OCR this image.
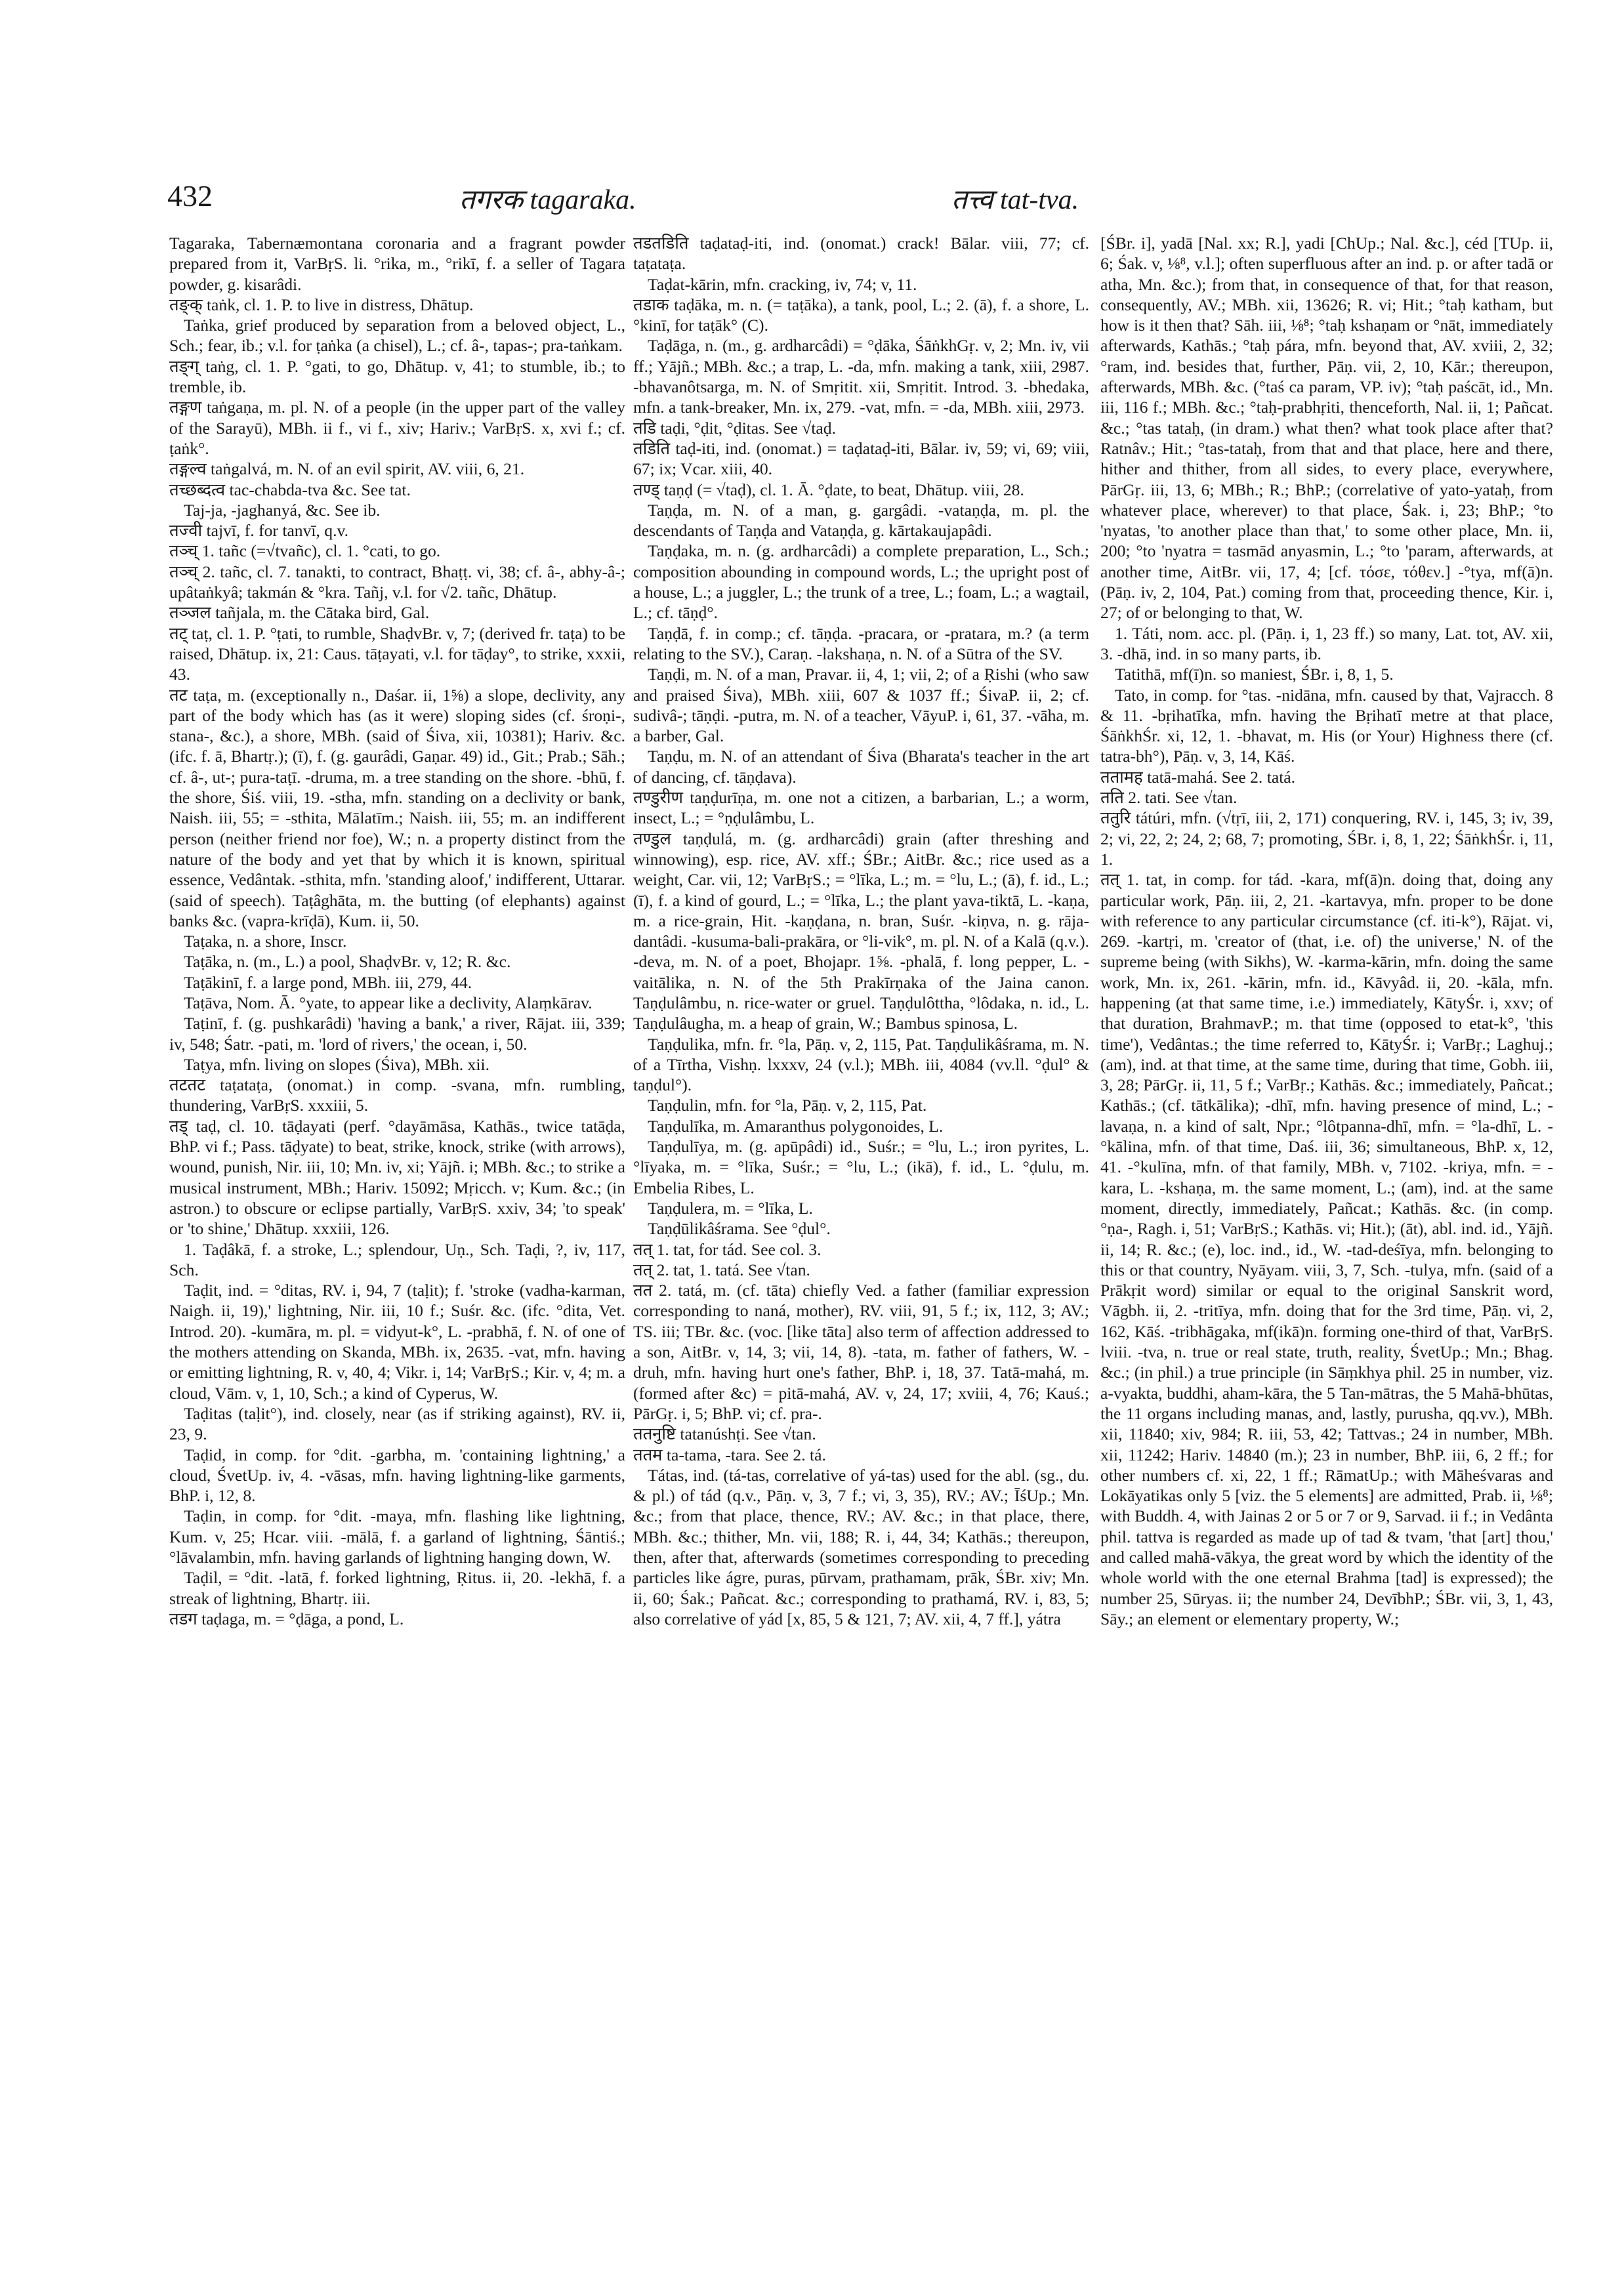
432	तगरक tagaraka.	तत्त्व tat-tva.

Tagaraka, Tabernæmontana coronaria and a fragrant powder prepared from it, VarBṛS. li. °rika, m., °rikī, f. a seller of Tagara powder, g. kisarâdi.

तङ्क् taṅk, cl. 1. P. to live in distress, Dhātup.

Taṅka, grief produced by separation from a beloved object, L., Sch.; fear, ib.; v.l. for ṭaṅka (a chisel), L.; cf. â-, tapas-; pra-taṅkam.

तङ्ग् taṅg, cl. 1. P. °gati, to go, Dhātup. v, 41; to stumble, ib.; to tremble, ib.

तङ्गण taṅgaṇa, m. pl. N. of a people (in the upper part of the valley of the Sarayū), MBh. ii f., vi f., xiv; Hariv.; VarBṛS. x, xvi f.; cf. ṭaṅk°.

तङ्गल्व taṅgalvá, m. N. of an evil spirit, AV. viii, 6, 21.

तच्छब्दत्व tac-chabda-tva &c. See tat.

Taj-ja, -jaghanyá, &c. See ib.

तज्वी tajvī, f. for tanvī, q.v.

तञ्च् 1. tañc (=√tvañc), cl. 1. °cati, to go.

तञ्च् 2. tañc, cl. 7. tanakti, to contract, Bhaṭṭ. vi, 38; cf. â-, abhy-â-; upâtaṅkyâ; takmán & °kra. Tañj, v.l. for √2. tañc, Dhātup.

तञ्जल tañjala, m. the Cātaka bird, Gal.

तट् taṭ, cl. 1. P. °ṭati, to rumble, ShaḍvBr. v, 7; (derived fr. taṭa) to be raised, Dhātup. ix, 21: Caus. tāṭayati, v.l. for tāḍay°, to strike, xxxii, 43.

तट taṭa, m. (exceptionally n., Daśar. ii, 1⅝) a slope, declivity, any part of the body which has (as it were) sloping sides (cf. śroṇi-, stana-, &c.), a shore, MBh. (said of Śiva, xii, 10381); Hariv. &c. (ifc. f. ā, Bhartṛ.); (ī), f. (g. gaurâdi, Gaṇar. 49) id., Git.; Prab.; Sāh.; cf. â-, ut-; pura-taṭī. -druma, m. a tree standing on the shore. -bhū, f. the shore, Śiś. viii, 19. -stha, mfn. standing on a declivity or bank, Naish. iii, 55; = -sthita, Mālatīm.; Naish. iii, 55; m. an indifferent person (neither friend nor foe), W.; n. a property distinct from the nature of the body and yet that by which it is known, spiritual essence, Vedântak. -sthita, mfn. 'standing aloof,' indifferent, Uttarar. (said of speech). Taṭâghāta, m. the butting (of elephants) against banks &c. (vapra-krīḍā), Kum. ii, 50.

Taṭaka, n. a shore, Inscr.

Taṭāka, n. (m., L.) a pool, ShaḍvBr. v, 12; R. &c.

Taṭākinī, f. a large pond, MBh. iii, 279, 44.

Taṭāva, Nom. Ā. °yate, to appear like a declivity, Alaṃkārav.

Taṭinī, f. (g. pushkarâdi) 'having a bank,' a river, Rājat. iii, 339; iv, 548; Śatr. -pati, m. 'lord of rivers,' the ocean, i, 50.

Taṭya, mfn. living on slopes (Śiva), MBh. xii.

तटतट taṭataṭa, (onomat.) in comp. -svana, mfn. rumbling, thundering, VarBṛS. xxxiii, 5.

तड् taḍ, cl. 10. tāḍayati (perf. °dayāmāsa, Kathās., twice tatāḍa, BhP. vi f.; Pass. tāḍyate) to beat, strike, knock, strike (with arrows), wound, punish, Nir. iii, 10; Mn. iv, xi; Yājñ. i; MBh. &c.; to strike a musical instrument, MBh.; Hariv. 15092; Mṛicch. v; Kum. &c.; (in astron.) to obscure or eclipse partially, VarBṛS. xxiv, 34; 'to speak' or 'to shine,' Dhātup. xxxiii, 126.

1. Taḍâkā, f. a stroke, L.; splendour, Uṇ., Sch. Taḍi, ?, iv, 117, Sch.

Taḍit, ind. = °ditas, RV. i, 94, 7 (taḷit); f. 'stroke (vadha-karman, Naigh. ii, 19),' lightning, Nir. iii, 10 f.; Suśr. &c. (ifc. °dita, Vet. Introd. 20). -kumāra, m. pl. = vidyut-k°, L. -prabhā, f. N. of one of the mothers attending on Skanda, MBh. ix, 2635. -vat, mfn. having or emitting lightning, R. v, 40, 4; Vikr. i, 14; VarBṛS.; Kir. v, 4; m. a cloud, Vām. v, 1, 10, Sch.; a kind of Cyperus, W.

Taḍitas (taḷit°), ind. closely, near (as if striking against), RV. ii, 23, 9.

Taḍid, in comp. for °dit. -garbha, m. 'containing lightning,' a cloud, ŚvetUp. iv, 4. -vāsas, mfn. having lightning-like garments, BhP. i, 12, 8.

Taḍin, in comp. for °dit. -maya, mfn. flashing like lightning, Kum. v, 25; Hcar. viii. -mālā, f. a garland of lightning, Śāntiś.; °lāvalambin, mfn. having garlands of lightning hanging down, W.

Taḍil, = °dit. -latā, f. forked lightning, Ṛitus. ii, 20. -lekhā, f. a streak of lightning, Bhartṛ. iii.

तडग taḍaga, m. = °ḍāga, a pond, L.

तडतडिति taḍataḍ-iti, ind. (onomat.) crack! Bālar. viii, 77; cf. taṭataṭa.

Taḍat-kārin, mfn. cracking, iv, 74; v, 11.

तडाक taḍāka, m. n. (= taṭāka), a tank, pool, L.; 2. (ā), f. a shore, L. °kinī, for taṭāk° (C).

Taḍāga, n. (m., g. ardharcâdi) = °ḍāka, ŚāṅkhGṛ. v, 2; Mn. iv, vii ff.; Yājñ.; MBh. &c.; a trap, L. -da, mfn. making a tank, xiii, 2987. -bhavanôtsarga, m. N. of Smṛitit. xii, Smṛitit. Introd. 3. -bhedaka, mfn. a tank-breaker, Mn. ix, 279. -vat, mfn. = -da, MBh. xiii, 2973.

तडि taḍi, °ḍit, °ḍitas. See √taḍ.

तडिति taḍ-iti, ind. (onomat.) = taḍataḍ-iti, Bālar. iv, 59; vi, 69; viii, 67; ix; Vcar. xiii, 40.

तण्ड् taṇḍ (= √taḍ), cl. 1. Ā. °ḍate, to beat, Dhātup. viii, 28.

Taṇḍa, m. N. of a man, g. gargâdi. -vataṇḍa, m. pl. the descendants of Taṇḍa and Vataṇḍa, g. kārtakaujapâdi.

Taṇḍaka, m. n. (g. ardharcâdi) a complete preparation, L., Sch.; composition abounding in compound words, L.; the upright post of a house, L.; a juggler, L.; the trunk of a tree, L.; foam, L.; a wagtail, L.; cf. tāṇḍ°.

Taṇḍā, f. in comp.; cf. tāṇḍa. -pracara, or -pratara, m.? (a term relating to the SV.), Caraṇ. -lakshaṇa, n. N. of a Sūtra of the SV.

Taṇḍi, m. N. of a man, Pravar. ii, 4, 1; vii, 2; of a Ṛishi (who saw and praised Śiva), MBh. xiii, 607 & 1037 ff.; ŚivaP. ii, 2; cf. sudivâ-; tāṇḍi. -putra, m. N. of a teacher, VāyuP. i, 61, 37. -vāha, m. a barber, Gal.

Taṇḍu, m. N. of an attendant of Śiva (Bharata's teacher in the art of dancing, cf. tāṇḍava).

तण्डुरीण taṇḍurīṇa, m. one not a citizen, a barbarian, L.; a worm, insect, L.; = °ṇḍulâmbu, L.

तण्डुल taṇḍulá, m. (g. ardharcâdi) grain (after threshing and winnowing), esp. rice, AV. xff.; ŚBr.; AitBr. &c.; rice used as a weight, Car. vii, 12; VarBṛS.; = °līka, L.; m. = °lu, L.; (ā), f. id., L.; (ī), f. a kind of gourd, L.; = °līka, L.; the plant yava-tiktā, L. -kaṇa, m. a rice-grain, Hit. -kaṇḍana, n. bran, Suśr. -kiṇva, n. g. rāja-dantâdi. -kusuma-bali-prakāra, or °li-vik°, m. pl. N. of a Kalā (q.v.). -deva, m. N. of a poet, Bhojapr. 1⅝. -phalā, f. long pepper, L. -vaitālika, n. N. of the 5th Prakīrṇaka of the Jaina canon. Taṇḍulâmbu, n. rice-water or gruel. Taṇḍulôttha, °lôdaka, n. id., L. Taṇḍulâugha, m. a heap of grain, W.; Bambus spinosa, L.

Taṇḍulika, mfn. fr. °la, Pāṇ. v, 2, 115, Pat. Taṇḍulikâśrama, m. N. of a Tīrtha, Vishṇ. lxxxv, 24 (v.l.); MBh. iii, 4084 (vv.ll. °ḍul° & taṇḍul°).

Taṇḍulin, mfn. for °la, Pāṇ. v, 2, 115, Pat.

Taṇḍulīka, m. Amaranthus polygonoides, L.

Taṇḍulīya, m. (g. apūpâdi) id., Suśr.; = °lu, L.; iron pyrites, L. °līyaka, m. = °līka, Suśr.; = °lu, L.; (ikā), f. id., L. °ḍulu, m. Embelia Ribes, L.

Taṇḍulera, m. = °līka, L.

Taṇḍūlikâśrama. See °ḍul°.

तत् 1. tat, for tád. See col. 3.

तत् 2. tat, 1. tatá. See √tan.

तत 2. tatá, m. (cf. tāta) chiefly Ved. a father (familiar expression corresponding to naná, mother), RV. viii, 91, 5 f.; ix, 112, 3; AV.; TS. iii; TBr. &c. (voc. [like tāta] also term of affection addressed to a son, AitBr. v, 14, 3; vii, 14, 8). -tata, m. father of fathers, W. -druh, mfn. having hurt one's father, BhP. i, 18, 37. Tatā-mahá, m. (formed after &c) = pitā-mahá, AV. v, 24, 17; xviii, 4, 76; Kauś.; PārGṛ. i, 5; BhP. vi; cf. pra-.

ततनुष्टि tatanúshṭi. See √tan.

ततम ta-tama, -tara. See 2. tá.

Tátas, ind. (tá-tas, correlative of yá-tas) used for the abl. (sg., du. & pl.) of tád (q.v., Pāṇ. v, 3, 7 f.; vi, 3, 35), RV.; AV.; ĪśUp.; Mn. &c.; from that place, thence, RV.; AV. &c.; in that place, there, MBh. &c.; thither, Mn. vii, 188; R. i, 44, 34; Kathās.; thereupon, then, after that, afterwards (sometimes corresponding to preceding particles like ágre, puras, pūrvam, prathamam, prāk, ŚBr. xiv; Mn. ii, 60; Śak.; Pañcat. &c.; corresponding to prathamá, RV. i, 83, 5; also correlative of yád [x, 85, 5 & 121, 7; AV. xii, 4, 7 ff.], yátra

[ŚBr. i], yadā [Nal. xx; R.], yadi [ChUp.; Nal. &c.], céd [TUp. ii, 6; Śak. v, ⅛⁸, v.l.]; often superfluous after an ind. p. or after tadā or atha, Mn. &c.); from that, in consequence of that, for that reason, consequently, AV.; MBh. xii, 13626; R. vi; Hit.; °taḥ katham, but how is it then that? Sāh. iii, ⅛⁸; °taḥ kshaṇam or °nāt, immediately afterwards, Kathās.; °taḥ pára, mfn. beyond that, AV. xviii, 2, 32; °ram, ind. besides that, further, Pāṇ. vii, 2, 10, Kār.; thereupon, afterwards, MBh. &c. (°taś ca param, VP. iv); °taḥ paścāt, id., Mn. iii, 116 f.; MBh. &c.; °taḥ-prabhṛiti, thenceforth, Nal. ii, 1; Pañcat. &c.; °tas tataḥ, (in dram.) what then? what took place after that? Ratnâv.; Hit.; °tas-tataḥ, from that and that place, here and there, hither and thither, from all sides, to every place, everywhere, PārGṛ. iii, 13, 6; MBh.; R.; BhP.; (correlative of yato-yataḥ, from whatever place, wherever) to that place, Śak. i, 23; BhP.; °to 'nyatas, 'to another place than that,' to some other place, Mn. ii, 200; °to 'nyatra = tasmād anyasmin, L.; °to 'param, afterwards, at another time, AitBr. vii, 17, 4; [cf. τόσε, τόθεν.] -°tya, mf(ā)n. (Pāṇ. iv, 2, 104, Pat.) coming from that, proceeding thence, Kir. i, 27; of or belonging to that, W.

1. Táti, nom. acc. pl. (Pāṇ. i, 1, 23 ff.) so many, Lat. tot, AV. xii, 3. -dhā, ind. in so many parts, ib.

Tatithā, mf(ī)n. so maniest, ŚBr. i, 8, 1, 5.

Tato, in comp. for °tas. -nidāna, mfn. caused by that, Vajracch. 8 & 11. -bṛihatīka, mfn. having the Bṛihatī metre at that place, ŚāṅkhŚr. xi, 12, 1. -bhavat, m. His (or Your) Highness there (cf. tatra-bh°), Pāṇ. v, 3, 14, Kāś.

ततामह tatā-mahá. See 2. tatá.

तति 2. tati. See √tan.

ततुरि tátúri, mfn. (√tṛī, iii, 2, 171) conquering, RV. i, 145, 3; iv, 39, 2; vi, 22, 2; 24, 2; 68, 7; promoting, ŚBr. i, 8, 1, 22; ŚāṅkhŚr. i, 11, 1.

तत् 1. tat, in comp. for tád. -kara, mf(ā)n. doing that, doing any particular work, Pāṇ. iii, 2, 21. -kartavya, mfn. proper to be done with reference to any particular circumstance (cf. iti-k°), Rājat. vi, 269. -kartṛi, m. 'creator of (that, i.e. of) the universe,' N. of the supreme being (with Sikhs), W. -karma-kārin, mfn. doing the same work, Mn. ix, 261. -kārin, mfn. id., Kāvyâd. ii, 20. -kāla, mfn. happening (at that same time, i.e.) immediately, KātyŚr. i, xxv; of that duration, BrahmavP.; m. that time (opposed to etat-k°, 'this time'), Vedântas.; the time referred to, KātyŚr. i; VarBṛ.; Laghuj.; (am), ind. at that time, at the same time, during that time, Gobh. iii, 3, 28; PārGṛ. ii, 11, 5 f.; VarBṛ.; Kathās. &c.; immediately, Pañcat.; Kathās.; (cf. tātkālika); -dhī, mfn. having presence of mind, L.; -lavaṇa, n. a kind of salt, Npr.; °lôtpanna-dhī, mfn. = °la-dhī, L. -°kālina, mfn. of that time, Daś. iii, 36; simultaneous, BhP. x, 12, 41. -°kulīna, mfn. of that family, MBh. v, 7102. -kriya, mfn. = -kara, L. -kshaṇa, m. the same moment, L.; (am), ind. at the same moment, directly, immediately, Pañcat.; Kathās. &c. (in comp. °ṇa-, Ragh. i, 51; VarBṛS.; Kathās. vi; Hit.); (āt), abl. ind. id., Yājñ. ii, 14; R. &c.; (e), loc. ind., id., W. -tad-deśīya, mfn. belonging to this or that country, Nyāyam. viii, 3, 7, Sch. -tulya, mfn. (said of a Prākṛit word) similar or equal to the original Sanskrit word, Vāgbh. ii, 2. -tritīya, mfn. doing that for the 3rd time, Pāṇ. vi, 2, 162, Kāś. -tribhāgaka, mf(ikā)n. forming one-third of that, VarBṛS. lviii. -tva, n. true or real state, truth, reality, ŚvetUp.; Mn.; Bhag. &c.; (in phil.) a true principle (in Sāṃkhya phil. 25 in number, viz. a-vyakta, buddhi, aham-kāra, the 5 Tan-mātras, the 5 Mahā-bhūtas, the 11 organs including manas, and, lastly, purusha, qq.vv.), MBh. xii, 11840; xiv, 984; R. iii, 53, 42; Tattvas.; 24 in number, MBh. xii, 11242; Hariv. 14840 (m.); 23 in number, BhP. iii, 6, 2 ff.; for other numbers cf. xi, 22, 1 ff.; RāmatUp.; with Māheśvaras and Lokāyatikas only 5 [viz. the 5 elements] are admitted, Prab. ii, ⅛⁸; with Buddh. 4, with Jainas 2 or 5 or 7 or 9, Sarvad. ii f.; in Vedânta phil. tattva is regarded as made up of tad & tvam, 'that [art] thou,' and called mahā-vākya, the great word by which the identity of the whole world with the one eternal Brahma [tad] is expressed); the number 25, Sūryas. ii; the number 24, DevībhP.; ŚBr. vii, 3, 1, 43, Sāy.; an element or elementary property, W.;
